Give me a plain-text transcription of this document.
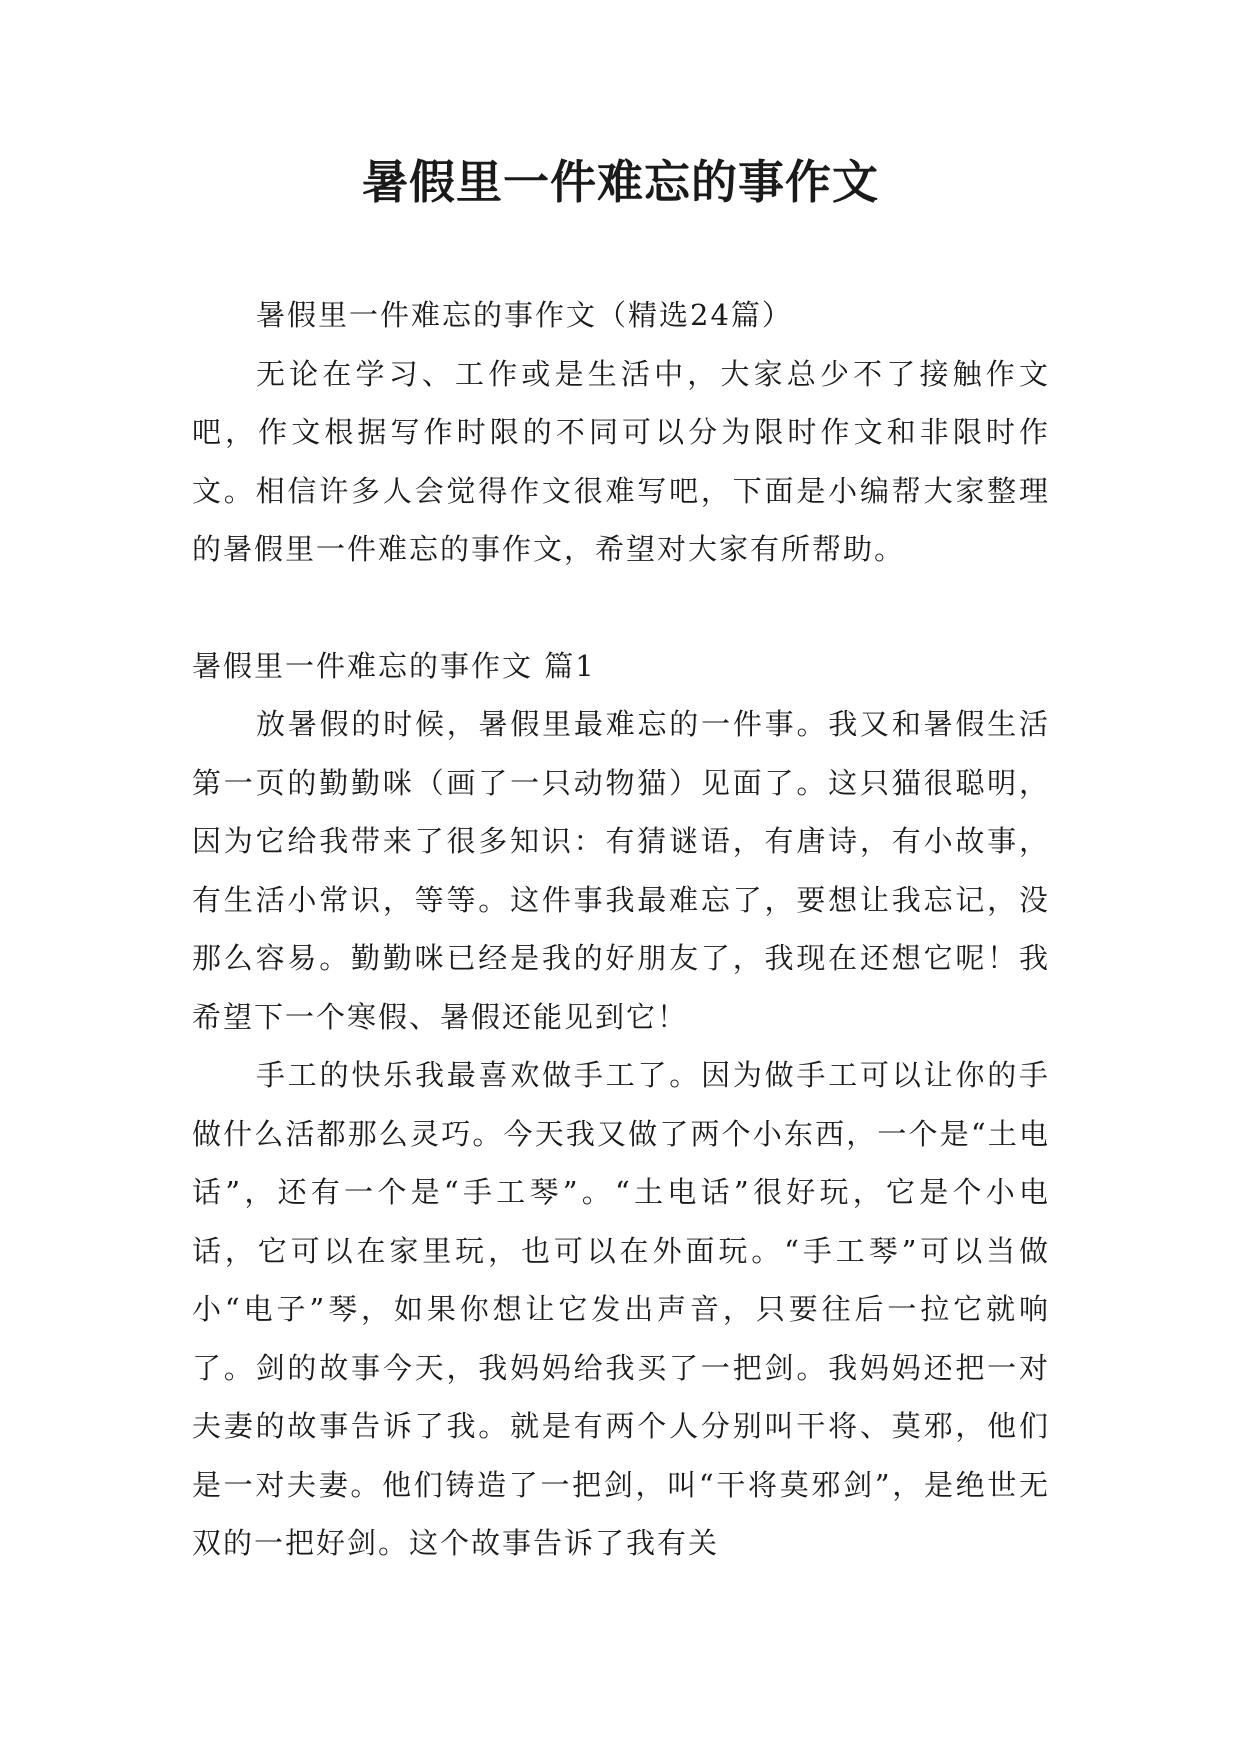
暑假里一件难忘的事作文

暑假里一件难忘的事作文（精选24篇）

无论在学习、工作或是生活中，大家总少不了接触作文吧，作文根据写作时限的不同可以分为限时作文和非限时作文。相信许多人会觉得作文很难写吧，下面是小编帮大家整理的暑假里一件难忘的事作文，希望对大家有所帮助。

暑假里一件难忘的事作文 篇1

放暑假的时候，暑假里最难忘的一件事。我又和暑假生活第一页的勤勤咪（画了一只动物猫）见面了。这只猫很聪明，因为它给我带来了很多知识：有猜谜语，有唐诗，有小故事，有生活小常识，等等。这件事我最难忘了，要想让我忘记，没那么容易。勤勤咪已经是我的好朋友了，我现在还想它呢！我希望下一个寒假、暑假还能见到它！

手工的快乐我最喜欢做手工了。因为做手工可以让你的手做什么活都那么灵巧。今天我又做了两个小东西，一个是“土电话”，还有一个是“手工琴”。“土电话”很好玩，它是个小电话，它可以在家里玩，也可以在外面玩。“手工琴”可以当做小“电子”琴，如果你想让它发出声音，只要往后一拉它就响了。剑的故事今天，我妈妈给我买了一把剑。我妈妈还把一对夫妻的故事告诉了我。就是有两个人分别叫干将、莫邪，他们是一对夫妻。他们铸造了一把剑，叫“干将莫邪剑”，是绝世无双的一把好剑。这个故事告诉了我有关
